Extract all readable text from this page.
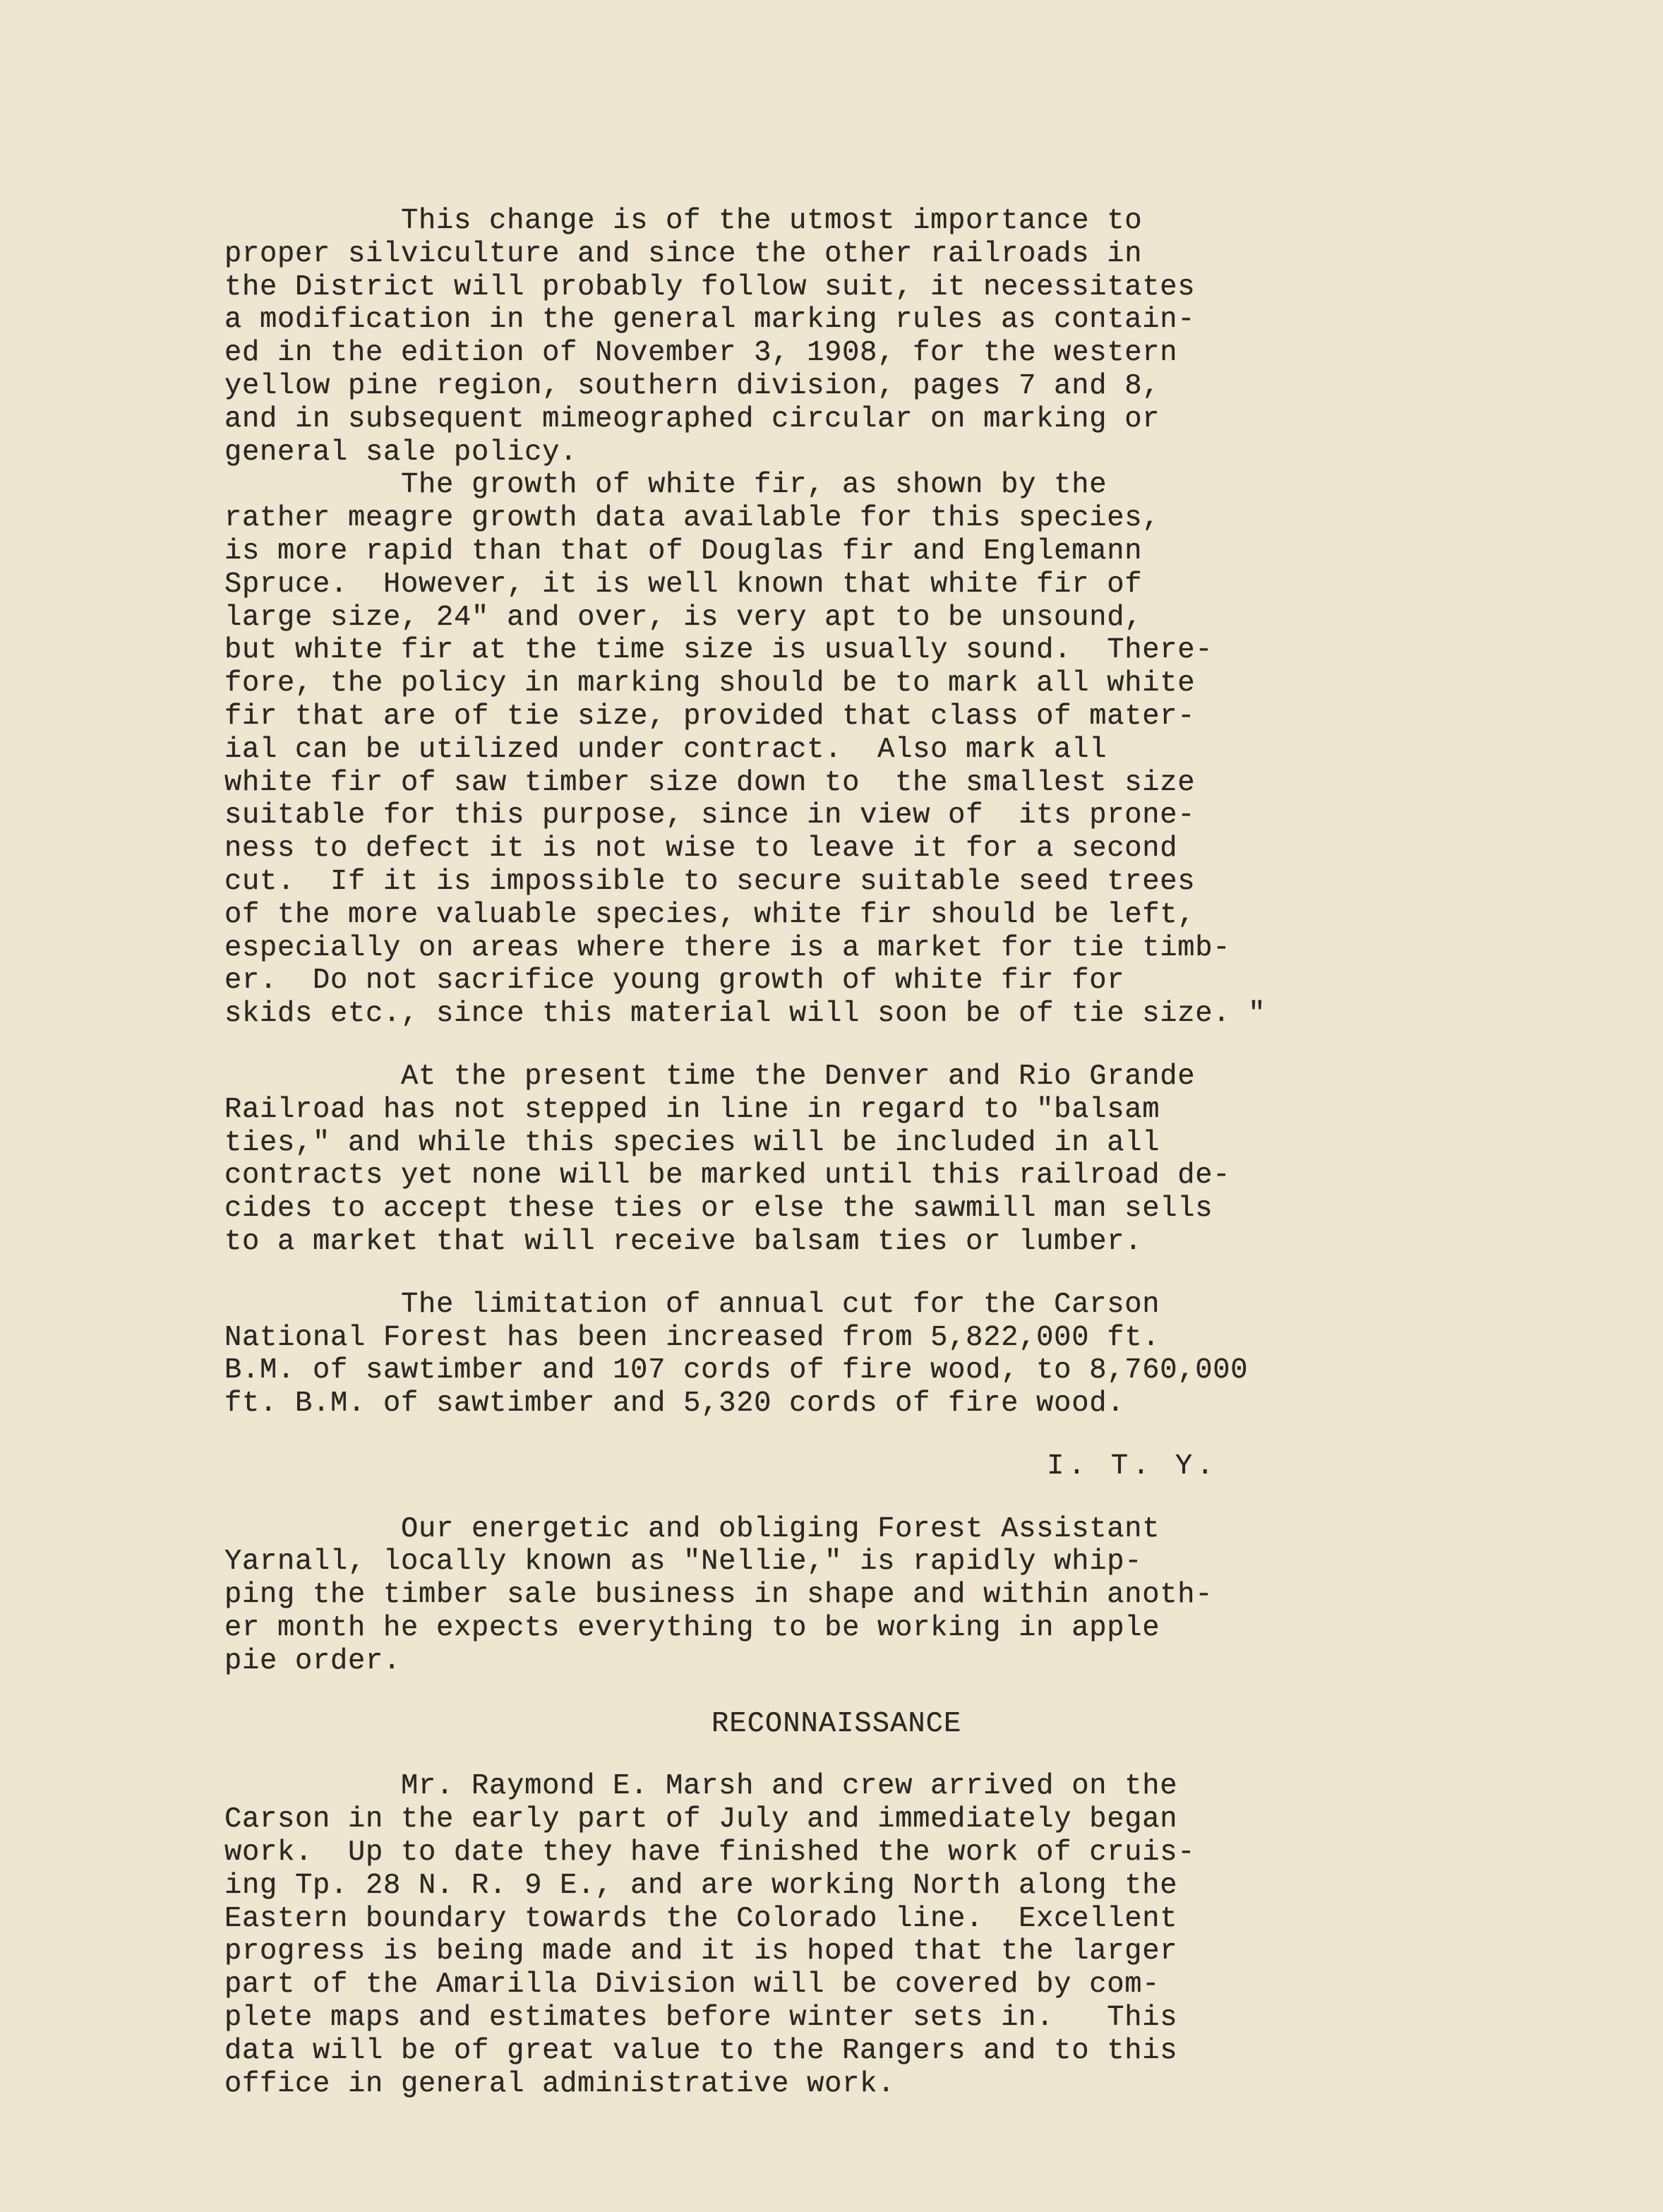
This change is of the utmost importance to
proper silviculture and since the other railroads in
the District will probably follow suit, it necessitates
a modification in the general marking rules as contain-
ed in the edition of November 3, 1908, for the western
yellow pine region, southern division, pages 7 and 8,
and in subsequent mimeographed circular on marking or
general sale policy.

The growth of white fir, as shown by the
rather meagre growth data available for this species,
is more rapid than that of Douglas fir and Englemann
Spruce.  However, it is well known that white fir of
large size, 24" and over, is very apt to be unsound,
but white fir at the time size is usually sound.  There-
fore, the policy in marking should be to mark all white
fir that are of tie size, provided that class of mater-
ial can be utilized under contract.  Also mark all
white fir of saw timber size down to  the smallest size
suitable for this purpose, since in view of  its prone-
ness to defect it is not wise to leave it for a second
cut.  If it is impossible to secure suitable seed trees
of the more valuable species, white fir should be left,
especially on areas where there is a market for tie timb-
er.  Do not sacrifice young growth of white fir for
skids etc., since this material will soon be of tie size. "

At the present time the Denver and Rio Grande
Railroad has not stepped in line in regard to "balsam
ties," and while this species will be included in all
contracts yet none will be marked until this railroad de-
cides to accept these ties or else the sawmill man sells
to a market that will receive balsam ties or lumber.

The limitation of annual cut for the Carson
National Forest has been increased from 5,822,000 ft.
B.M. of sawtimber and 107 cords of fire wood, to 8,760,000
ft. B.M. of sawtimber and 5,320 cords of fire wood.

I. T. Y.

Our energetic and obliging Forest Assistant
Yarnall, locally known as "Nellie," is rapidly whip-
ping the timber sale business in shape and within anoth-
er month he expects everything to be working in apple
pie order.

RECONNAISSANCE

Mr. Raymond E. Marsh and crew arrived on the
Carson in the early part of July and immediately began
work.  Up to date they have finished the work of cruis-
ing Tp. 28 N. R. 9 E., and are working North along the
Eastern boundary towards the Colorado line.  Excellent
progress is being made and it is hoped that the larger
part of the Amarilla Division will be covered by com-
plete maps and estimates before winter sets in.   This
data will be of great value to the Rangers and to this
office in general administrative work.
